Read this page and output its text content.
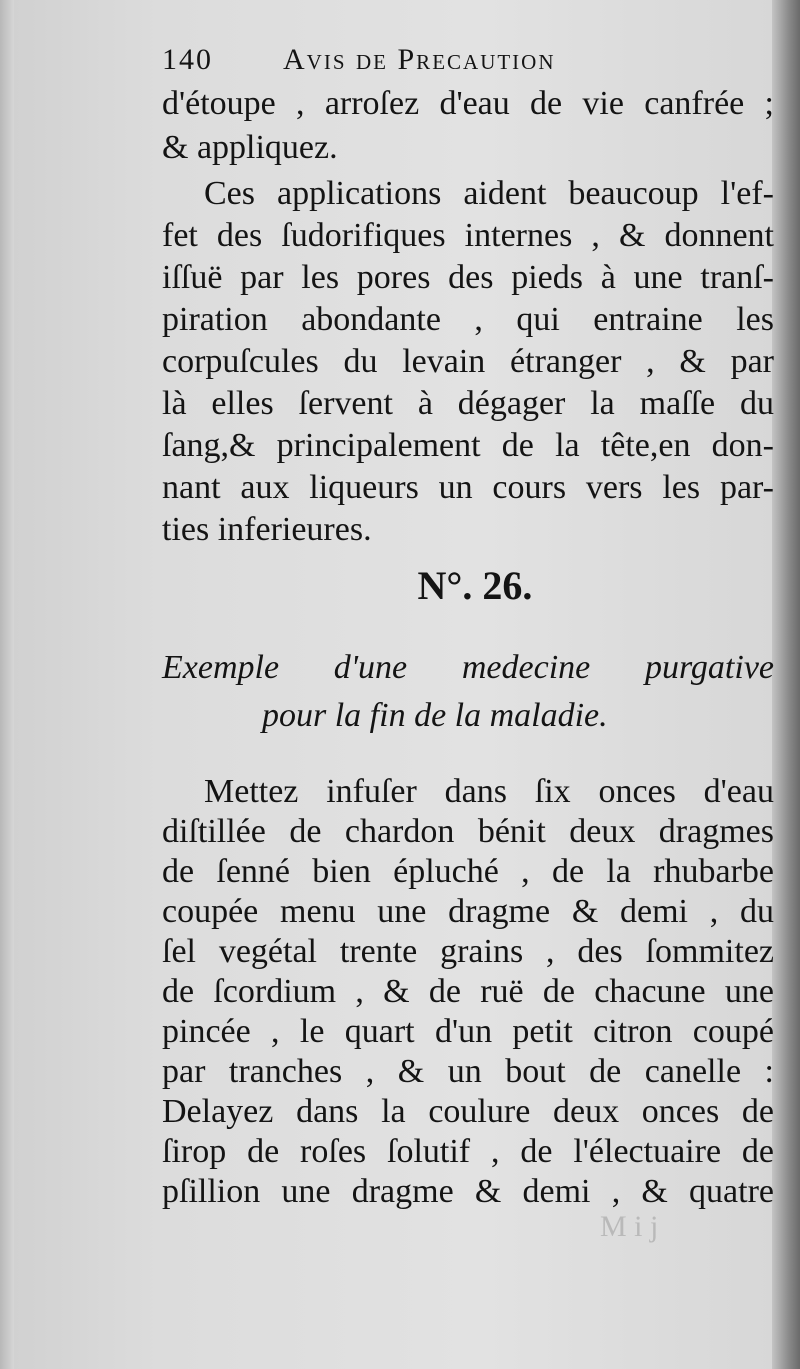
140 Avis de Precaution
d'étoupe , arroſez d'eau de vie canfrée ;
& appliquez.
Ces applications aident beaucoup l'ef-
fet des ſudorifiques internes , & donnent
iſſuë par les pores des pieds à une tranſ-
piration abondante , qui entraine les
corpuſcules du levain étranger , & par
là elles ſervent à dégager la maſſe du
ſang,& principalement de la tête,en don-
nant aux liqueurs un cours vers les par-
ties inferieures.
N°. 26.
Exemple d'une medecine purgative
pour la fin de la maladie.
Mettez infuſer dans ſix onces d'eau
diſtillée de chardon bénit deux dragmes
de ſenné bien épluché , de la rhubarbe
coupée menu une dragme & demi , du
ſel vegétal trente grains , des ſommitez
de ſcordium , & de ruë de chacune une
pincée , le quart d'un petit citron coupé
par tranches , & un bout de canelle :
Delayez dans la coulure deux onces de
ſirop de roſes ſolutif , de l'électuaire de
pſillion une dragme & demi , & quatre
M i j
